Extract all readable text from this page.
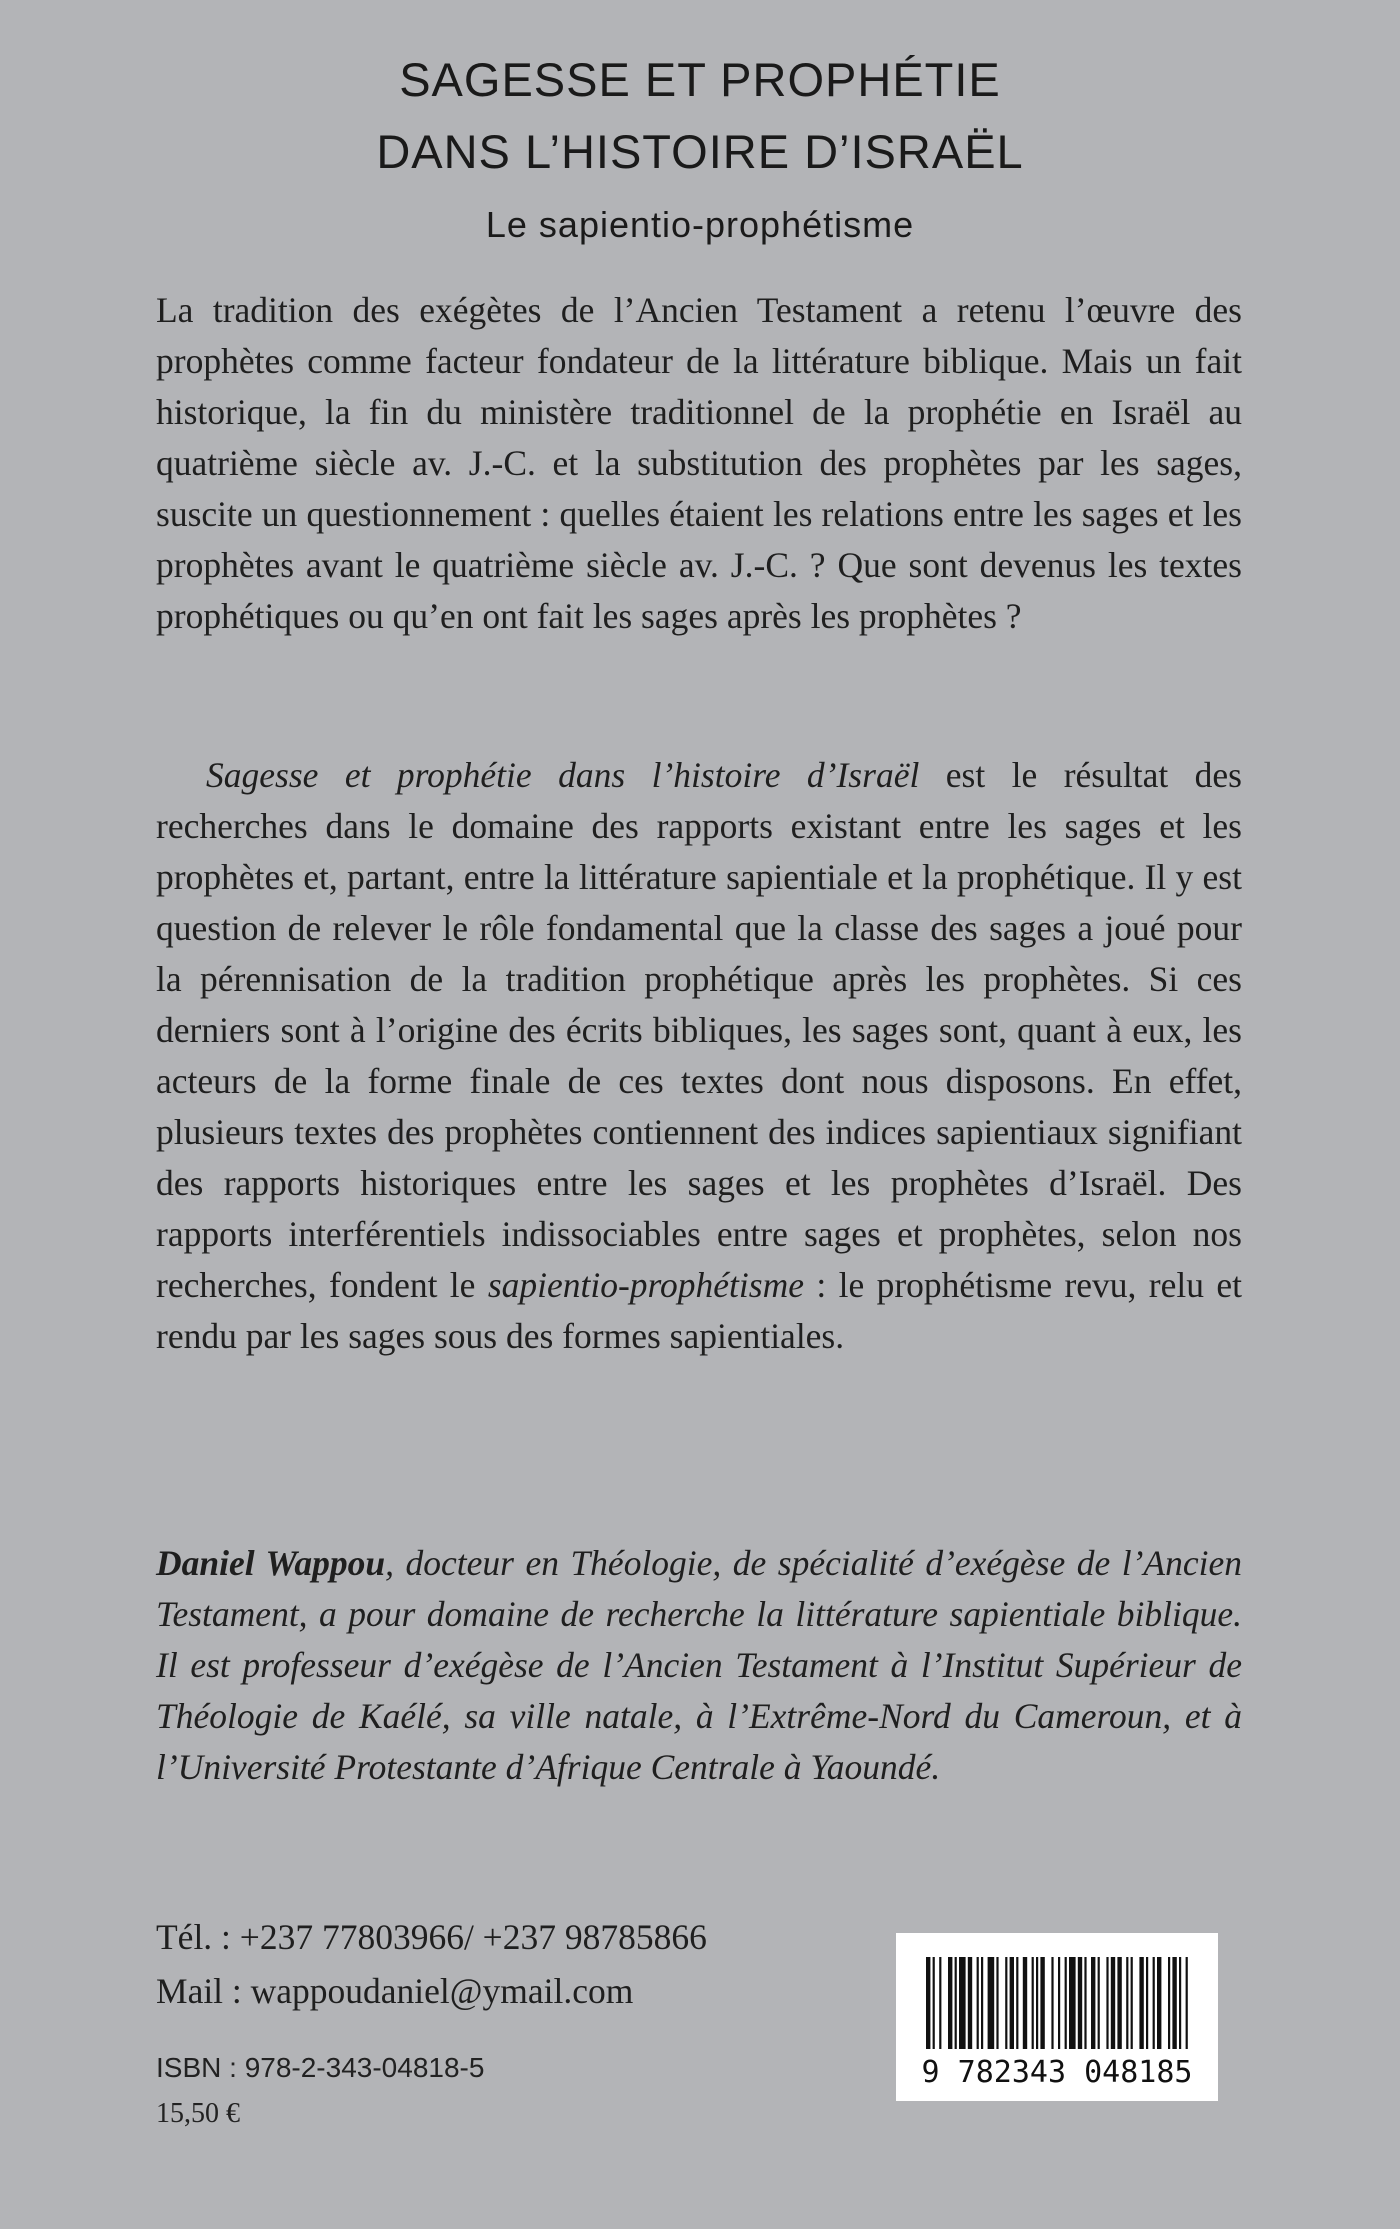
SAGESSE ET PROPHÉTIE
DANS L’HISTOIRE D’ISRAËL
Le sapientio-prophétisme

La tradition des exégètes de l’Ancien Testament a retenu l’œuvre des prophètes comme facteur fondateur de la littérature biblique. Mais un fait historique, la fin du ministère traditionnel de la prophétie en Israël au quatrième siècle av. J.-C. et la substitution des prophètes par les sages, suscite un questionnement : quelles étaient les relations entre les sages et les prophètes avant le quatrième siècle av. J.-C. ? Que sont devenus les textes prophétiques ou qu’en ont fait les sages après les prophètes ?

Sagesse et prophétie dans l’histoire d’Israël est le résultat des recherches dans le domaine des rapports existant entre les sages et les prophètes et, partant, entre la littérature sapientiale et la prophétique. Il y est question de relever le rôle fondamental que la classe des sages a joué pour la pérennisation de la tradition prophétique après les prophètes. Si ces derniers sont à l’origine des écrits bibliques, les sages sont, quant à eux, les acteurs de la forme finale de ces textes dont nous disposons. En effet, plusieurs textes des prophètes contiennent des indices sapientiaux signifiant des rapports historiques entre les sages et les prophètes d’Israël. Des rapports interférentiels indissociables entre sages et prophètes, selon nos recherches, fondent le sapientio-prophétisme : le prophétisme revu, relu et rendu par les sages sous des formes sapientiales.

Daniel Wappou, docteur en Théologie, de spécialité d’exégèse de l’Ancien Testament, a pour domaine de recherche la littérature sapientiale biblique. Il est professeur d’exégèse de l’Ancien Testament à l’Institut Supérieur de Théologie de Kaélé, sa ville natale, à l’Extrême-Nord du Cameroun, et à l’Université Protestante d’Afrique Centrale à Yaoundé.

Tél. : +237 77803966/ +237 98785866

Mail : wappoudaniel@ymail.com

ISBN : 978-2-343-04818-5

15,50 €

9 782343 048185
